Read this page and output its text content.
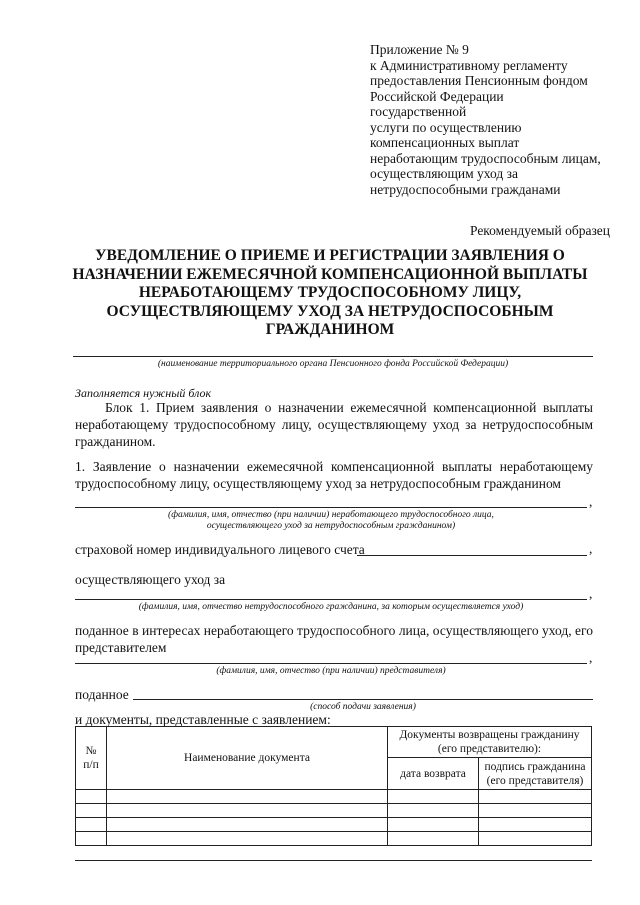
Приложение № 9
к Административному регламенту
предоставления Пенсионным фондом
Российской Федерации
государственной
услуги по осуществлению
компенсационных выплат
неработающим трудоспособным лицам,
осуществляющим уход за
нетрудоспособными гражданами
Рекомендуемый образец
УВЕДОМЛЕНИЕ О ПРИЕМЕ И РЕГИСТРАЦИИ ЗАЯВЛЕНИЯ О
НАЗНАЧЕНИИ ЕЖЕМЕСЯЧНОЙ КОМПЕНСАЦИОННОЙ ВЫПЛАТЫ
НЕРАБОТАЮЩЕМУ ТРУДОСПОСОБНОМУ ЛИЦУ,
ОСУЩЕСТВЛЯЮЩЕМУ УХОД ЗА НЕТРУДОСПОСОБНЫМ
ГРАЖДАНИНОМ
(наименование территориального органа Пенсионного фонда Российской Федерации)
Заполняется нужный блок
Блок 1. Прием заявления о назначении ежемесячной компенсационной выплаты
неработающему трудоспособному лицу, осуществляющему уход за нетрудоспособным
гражданином.
1. Заявление о назначении ежемесячной компенсационной выплаты неработающему
трудоспособному лицу, осуществляющему уход за нетрудоспособным гражданином
,
(фамилия, имя, отчество (при наличии) неработающего трудоспособного лица,
осуществляющего уход за нетрудоспособным гражданином)
страховой номер индивидуального лицевого счета	,
осуществляющего уход за
,
(фамилия, имя, отчество нетрудоспособного гражданина, за которым осуществляется уход)
поданное в интересах неработающего трудоспособного лица, осуществляющего уход, его
представителем
,
(фамилия, имя, отчество (при наличии) представителя)
поданное
(способ подачи заявления)
и документы, представленные с заявлением:
№
п/п	Наименование документа	Документы возвращены гражданину (его представителю):	
		дата возврата	подпись гражданина (его представителя)
